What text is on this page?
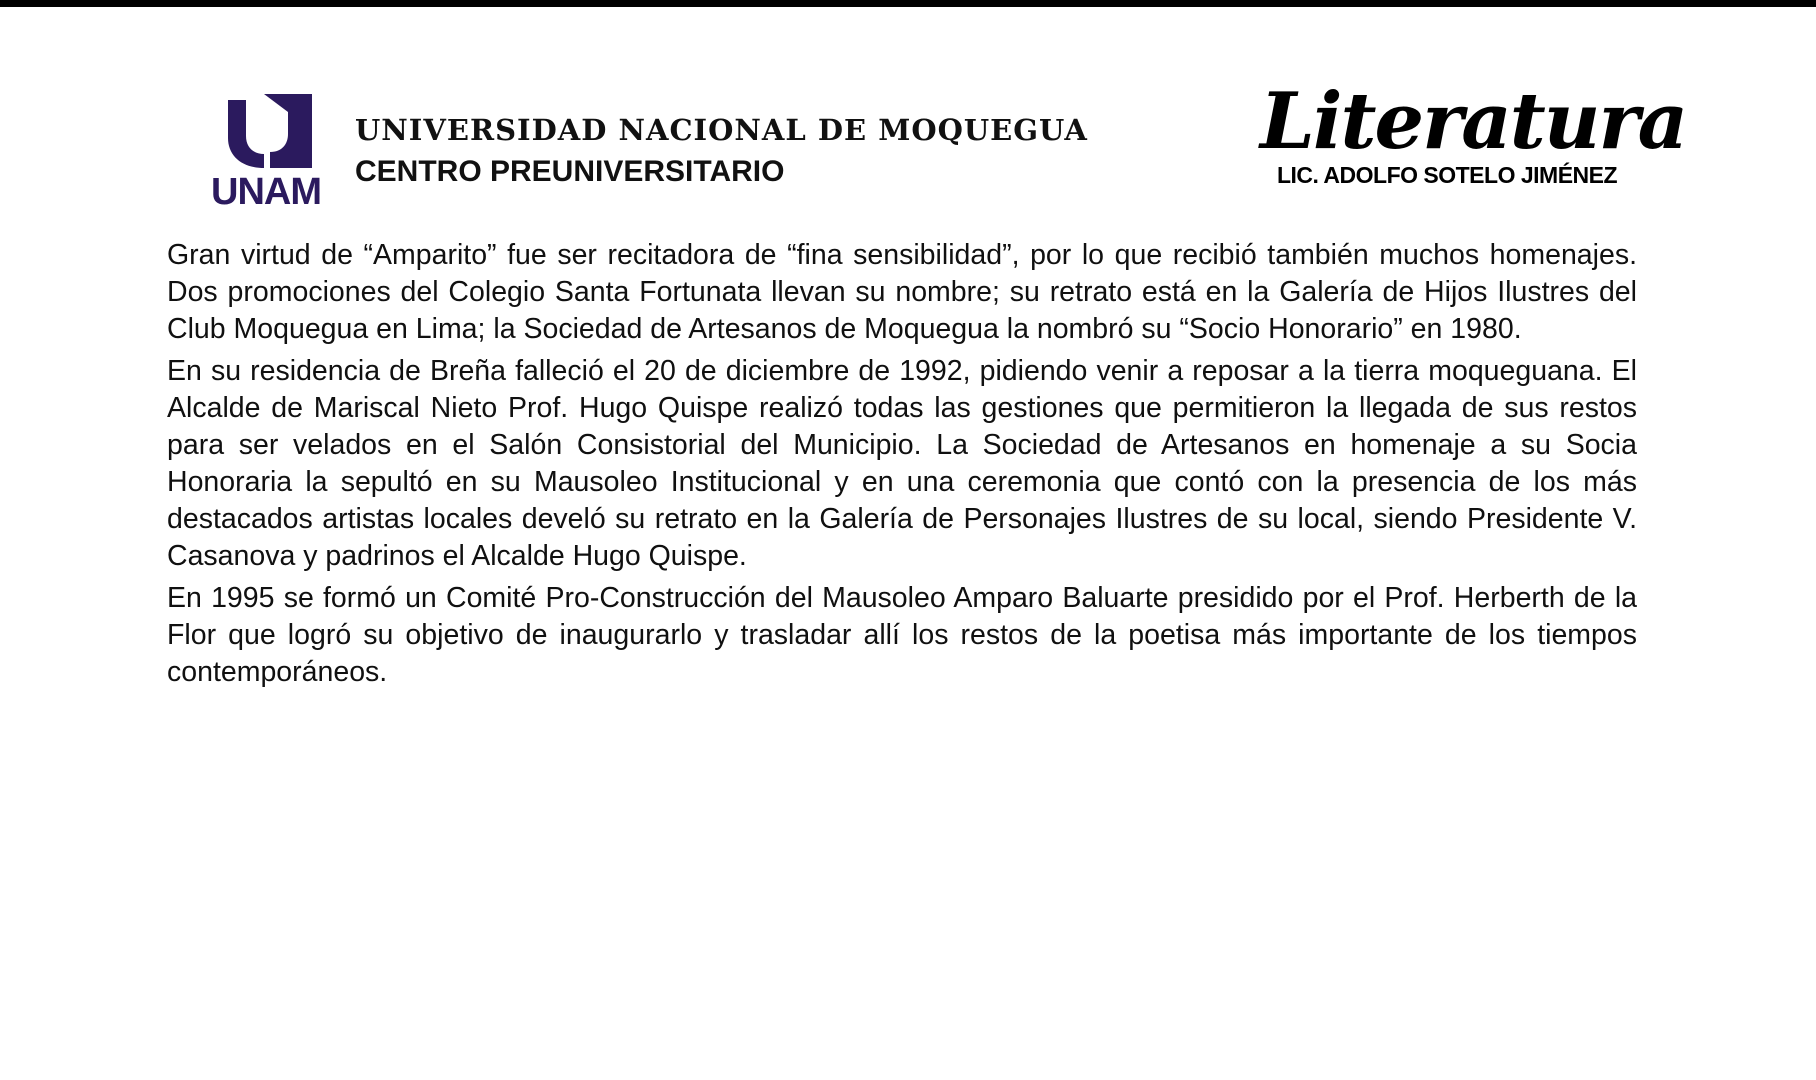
UNAM
UNIVERSIDAD NACIONAL DE MOQUEGUA
CENTRO PREUNIVERSITARIO
Literatura
LIC. ADOLFO SOTELO JIMÉNEZ

Gran virtud de “Amparito” fue ser recitadora de “fina sensibilidad”, por lo que recibió también muchos homenajes. Dos promociones del Colegio Santa Fortunata llevan su nombre; su retrato está en la Galería de Hijos Ilustres del Club Moquegua en Lima; la Sociedad de Artesanos de Moquegua la nombró su “Socio Honorario” en 1980.

En su residencia de Breña falleció el 20 de diciembre de 1992, pidiendo venir a reposar a la tierra moqueguana. El Alcalde de Mariscal Nieto Prof. Hugo Quispe realizó todas las gestiones que permitieron la llegada de sus restos para ser velados en el Salón Consistorial del Municipio. La Sociedad de Artesanos en homenaje a su Socia Honoraria la sepultó en su Mausoleo Institucional y en una ceremonia que contó con la presencia de los más destacados artistas locales develó su retrato en la Galería de Personajes Ilustres de su local, siendo Presidente V. Casanova y padrinos el Alcalde Hugo Quispe.

En 1995 se formó un Comité Pro-Construcción del Mausoleo Amparo Baluarte presidido por el Prof. Herberth de la Flor que logró su objetivo de inaugurarlo y trasladar allí los restos de la poetisa más importante de los tiempos contemporáneos.
